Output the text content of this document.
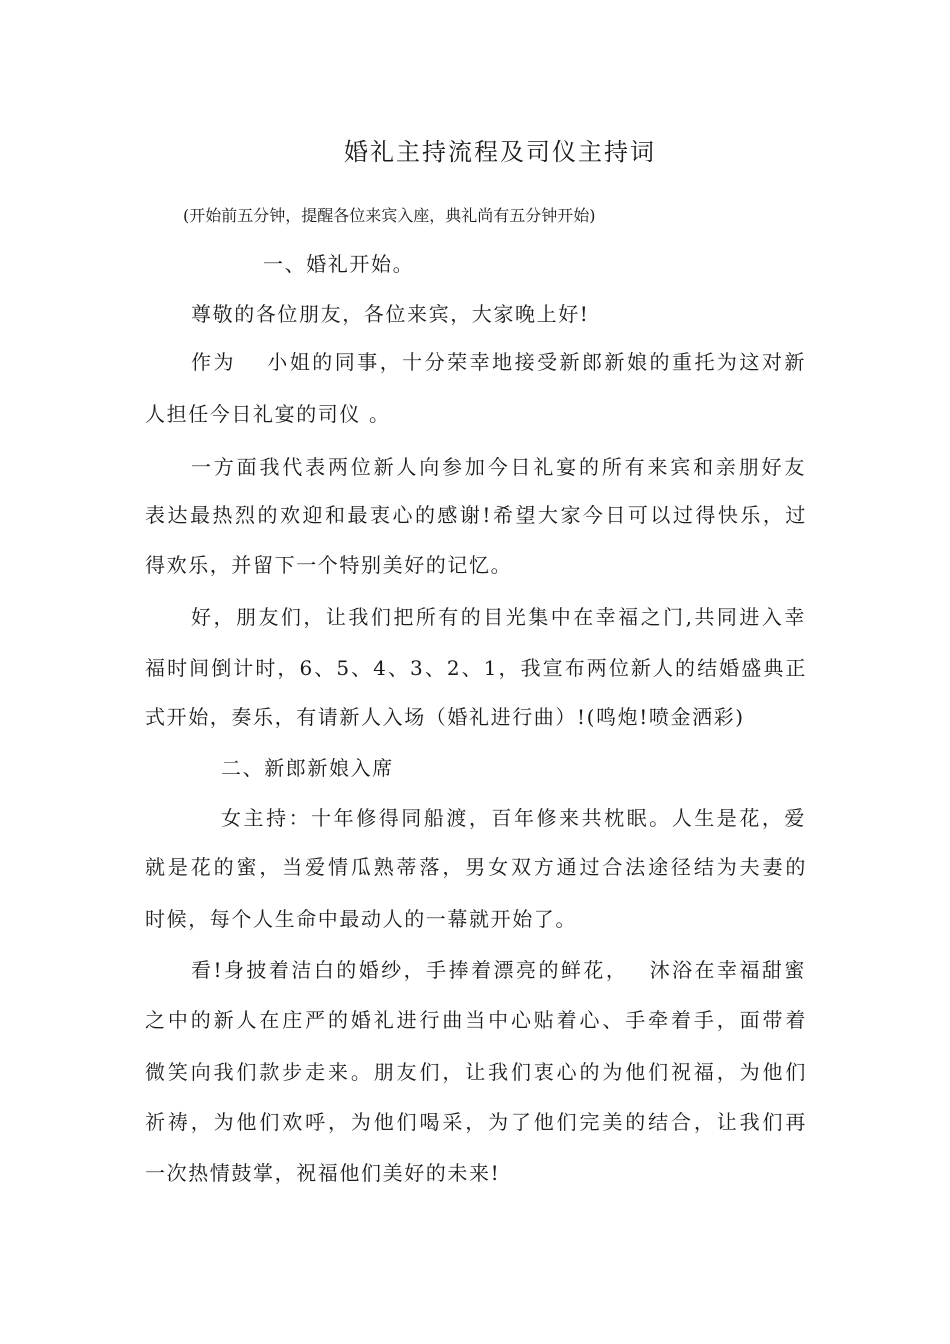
婚礼主持流程及司仪主持词

(开始前五分钟，提醒各位来宾入座，典礼尚有五分钟开始)

一、婚礼开始。

尊敬的各位朋友，各位来宾，大家晚上好!

作为　 小姐的同事，十分荣幸地接受新郎新娘的重托为这对新

人担任今日礼宴的司仪 。

一方面我代表两位新人向参加今日礼宴的所有来宾和亲朋好友

表达最热烈的欢迎和最衷心的感谢!希望大家今日可以过得快乐，过

得欢乐，并留下一个特别美好的记忆。

好，朋友们，让我们把所有的目光集中在幸福之门,共同进入幸

福时间倒计时，6、5、4、3、2、1，我宣布两位新人的结婚盛典正

式开始，奏乐，有请新人入场（婚礼进行曲）!(鸣炮!喷金洒彩)

二、新郎新娘入席

女主持：十年修得同船渡，百年修来共枕眠。人生是花，爱

就是花的蜜，当爱情瓜熟蒂落，男女双方通过合法途径结为夫妻的

时候，每个人生命中最动人的一幕就开始了。

看!身披着洁白的婚纱，手捧着漂亮的鲜花，　 沐浴在幸福甜蜜

之中的新人在庄严的婚礼进行曲当中心贴着心、手牵着手，面带着

微笑向我们款步走来。朋友们，让我们衷心的为他们祝福，为他们

祈祷，为他们欢呼，为他们喝采，为了他们完美的结合，让我们再

一次热情鼓掌，祝福他们美好的未来!
